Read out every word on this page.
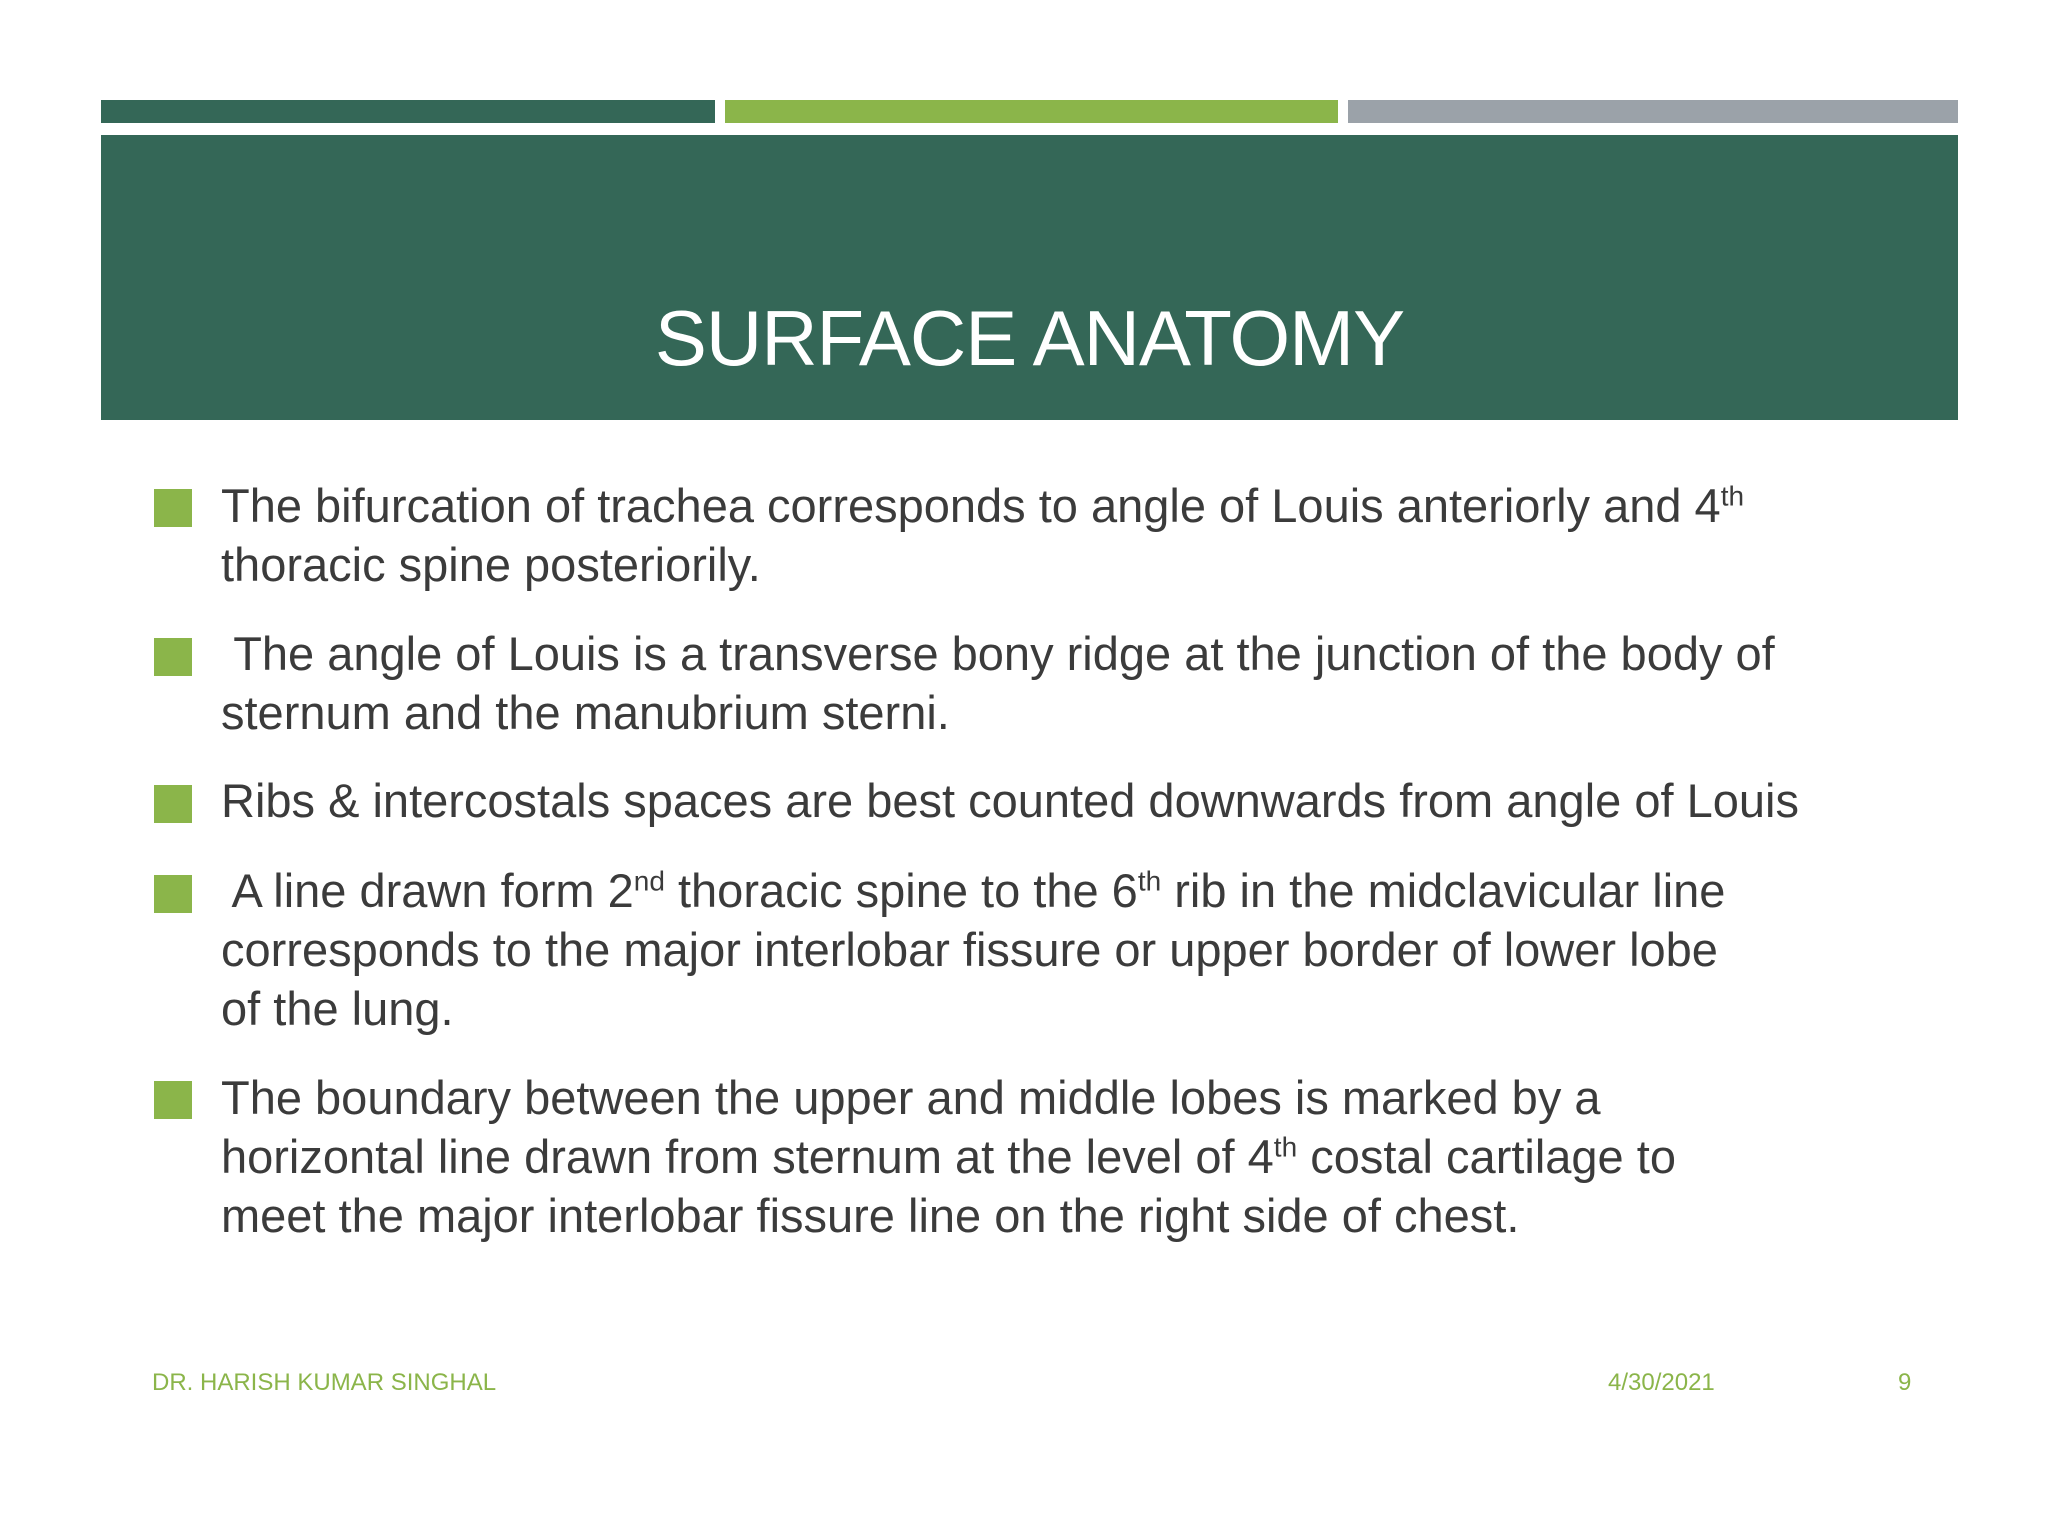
SURFACE ANATOMY

The bifurcation of trachea corresponds to angle of Louis anteriorly and 4th
thoracic spine posteriorily.

The angle of Louis is a transverse bony ridge at the junction of the body of
sternum and the manubrium sterni.

Ribs & intercostals spaces are best counted downwards from angle of Louis

A line drawn form 2nd thoracic spine to the 6th rib in the midclavicular line
corresponds to the major interlobar fissure or upper border of lower lobe
of the lung.

The boundary between the upper and middle lobes is marked by a
horizontal line drawn from sternum at the level of 4th costal cartilage to
meet the major interlobar fissure line on the right side of chest.

DR. HARISH KUMAR SINGHAL	4/30/2021	9
